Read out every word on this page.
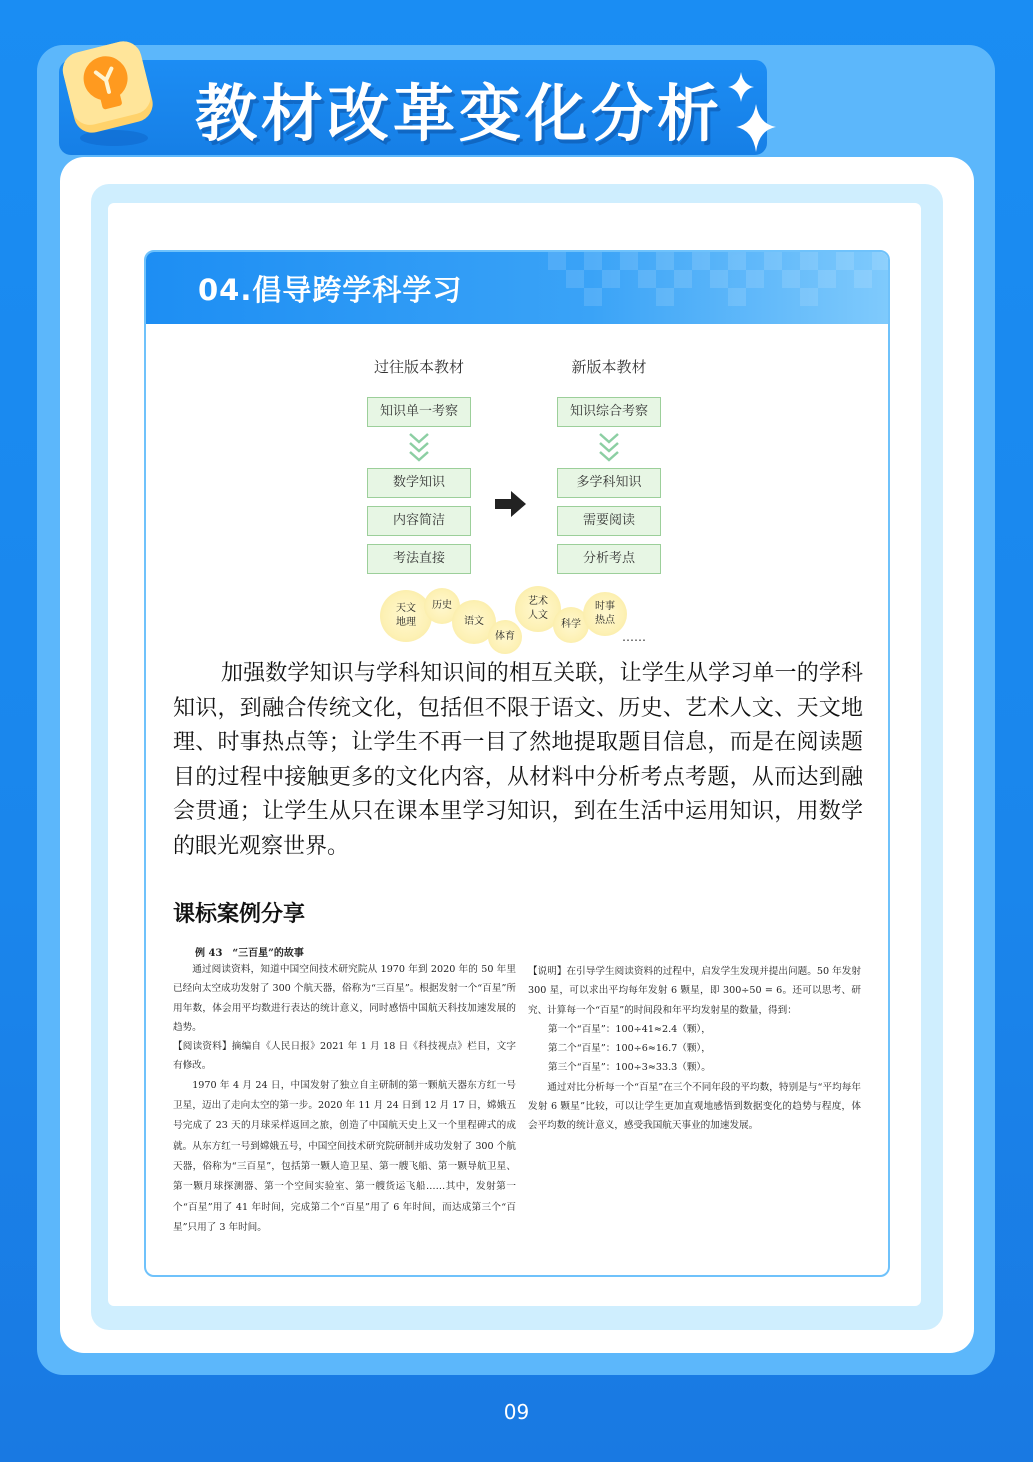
教材改革变化分析
04.倡导跨学科学习
过往版本教材	新版本教材
知识单一考察	知识综合考察
数学知识
内容简洁
考法直接
多学科知识
需要阅读
分析考点
天文
地理
历史
语文
体育
艺术
人文
科学
时事
热点
……
加强数学知识与学科知识间的相互关联，让学生从学习单一的学科知识，到融合传统文化，包括但不限于语文、历史、艺术人文、天文地理、时事热点等；让学生不再一目了然地提取题目信息，而是在阅读题目的过程中接触更多的文化内容，从材料中分析考点考题，从而达到融会贯通；让学生从只在课本里学习知识，到在生活中运用知识，用数学的眼光观察世界。
课标案例分享
例 43　“三百星”的故事

通过阅读资料，知道中国空间技术研究院从 1970 年到 2020 年的 50 年里已经向太空成功发射了 300 个航天器，俗称为“三百星”。根据发射一个“百星”所用年数，体会用平均数进行表达的统计意义，同时感悟中国航天科技加速发展的趋势。

【阅读资料】摘编自《人民日报》2021 年 1 月 18 日《科技视点》栏目，文字有修改。

1970 年 4 月 24 日，中国发射了独立自主研制的第一颗航天器东方红一号卫星，迈出了走向太空的第一步。2020 年 11 月 24 日到 12 月 17 日，嫦娥五号完成了 23 天的月球采样返回之旅，创造了中国航天史上又一个里程碑式的成就。从东方红一号到嫦娥五号，中国空间技术研究院研制并成功发射了 300 个航天器，俗称为“三百星”，包括第一颗人造卫星、第一艘飞船、第一颗导航卫星、第一颗月球探测器、第一个空间实验室、第一艘货运飞船……其中，发射第一个“百星”用了 41 年时间，完成第二个“百星”用了 6 年时间，而达成第三个“百星”只用了 3 年时间。

【说明】在引导学生阅读资料的过程中，启发学生发现并提出问题。50 年发射 300 星，可以求出平均每年发射 6 颗星，即 300÷50 = 6。还可以思考、研究、计算每一个“百星”的时间段和年平均发射星的数量，得到：

第一个“百星”：100÷41≈2.4（颗），

第二个“百星”：100÷6≈16.7（颗），

第三个“百星”：100÷3≈33.3（颗）。

通过对比分析每一个“百星”在三个不同年段的平均数，特别是与“平均每年发射 6 颗星”比较，可以让学生更加直观地感悟到数据变化的趋势与程度，体会平均数的统计意义，感受我国航天事业的加速发展。

09
